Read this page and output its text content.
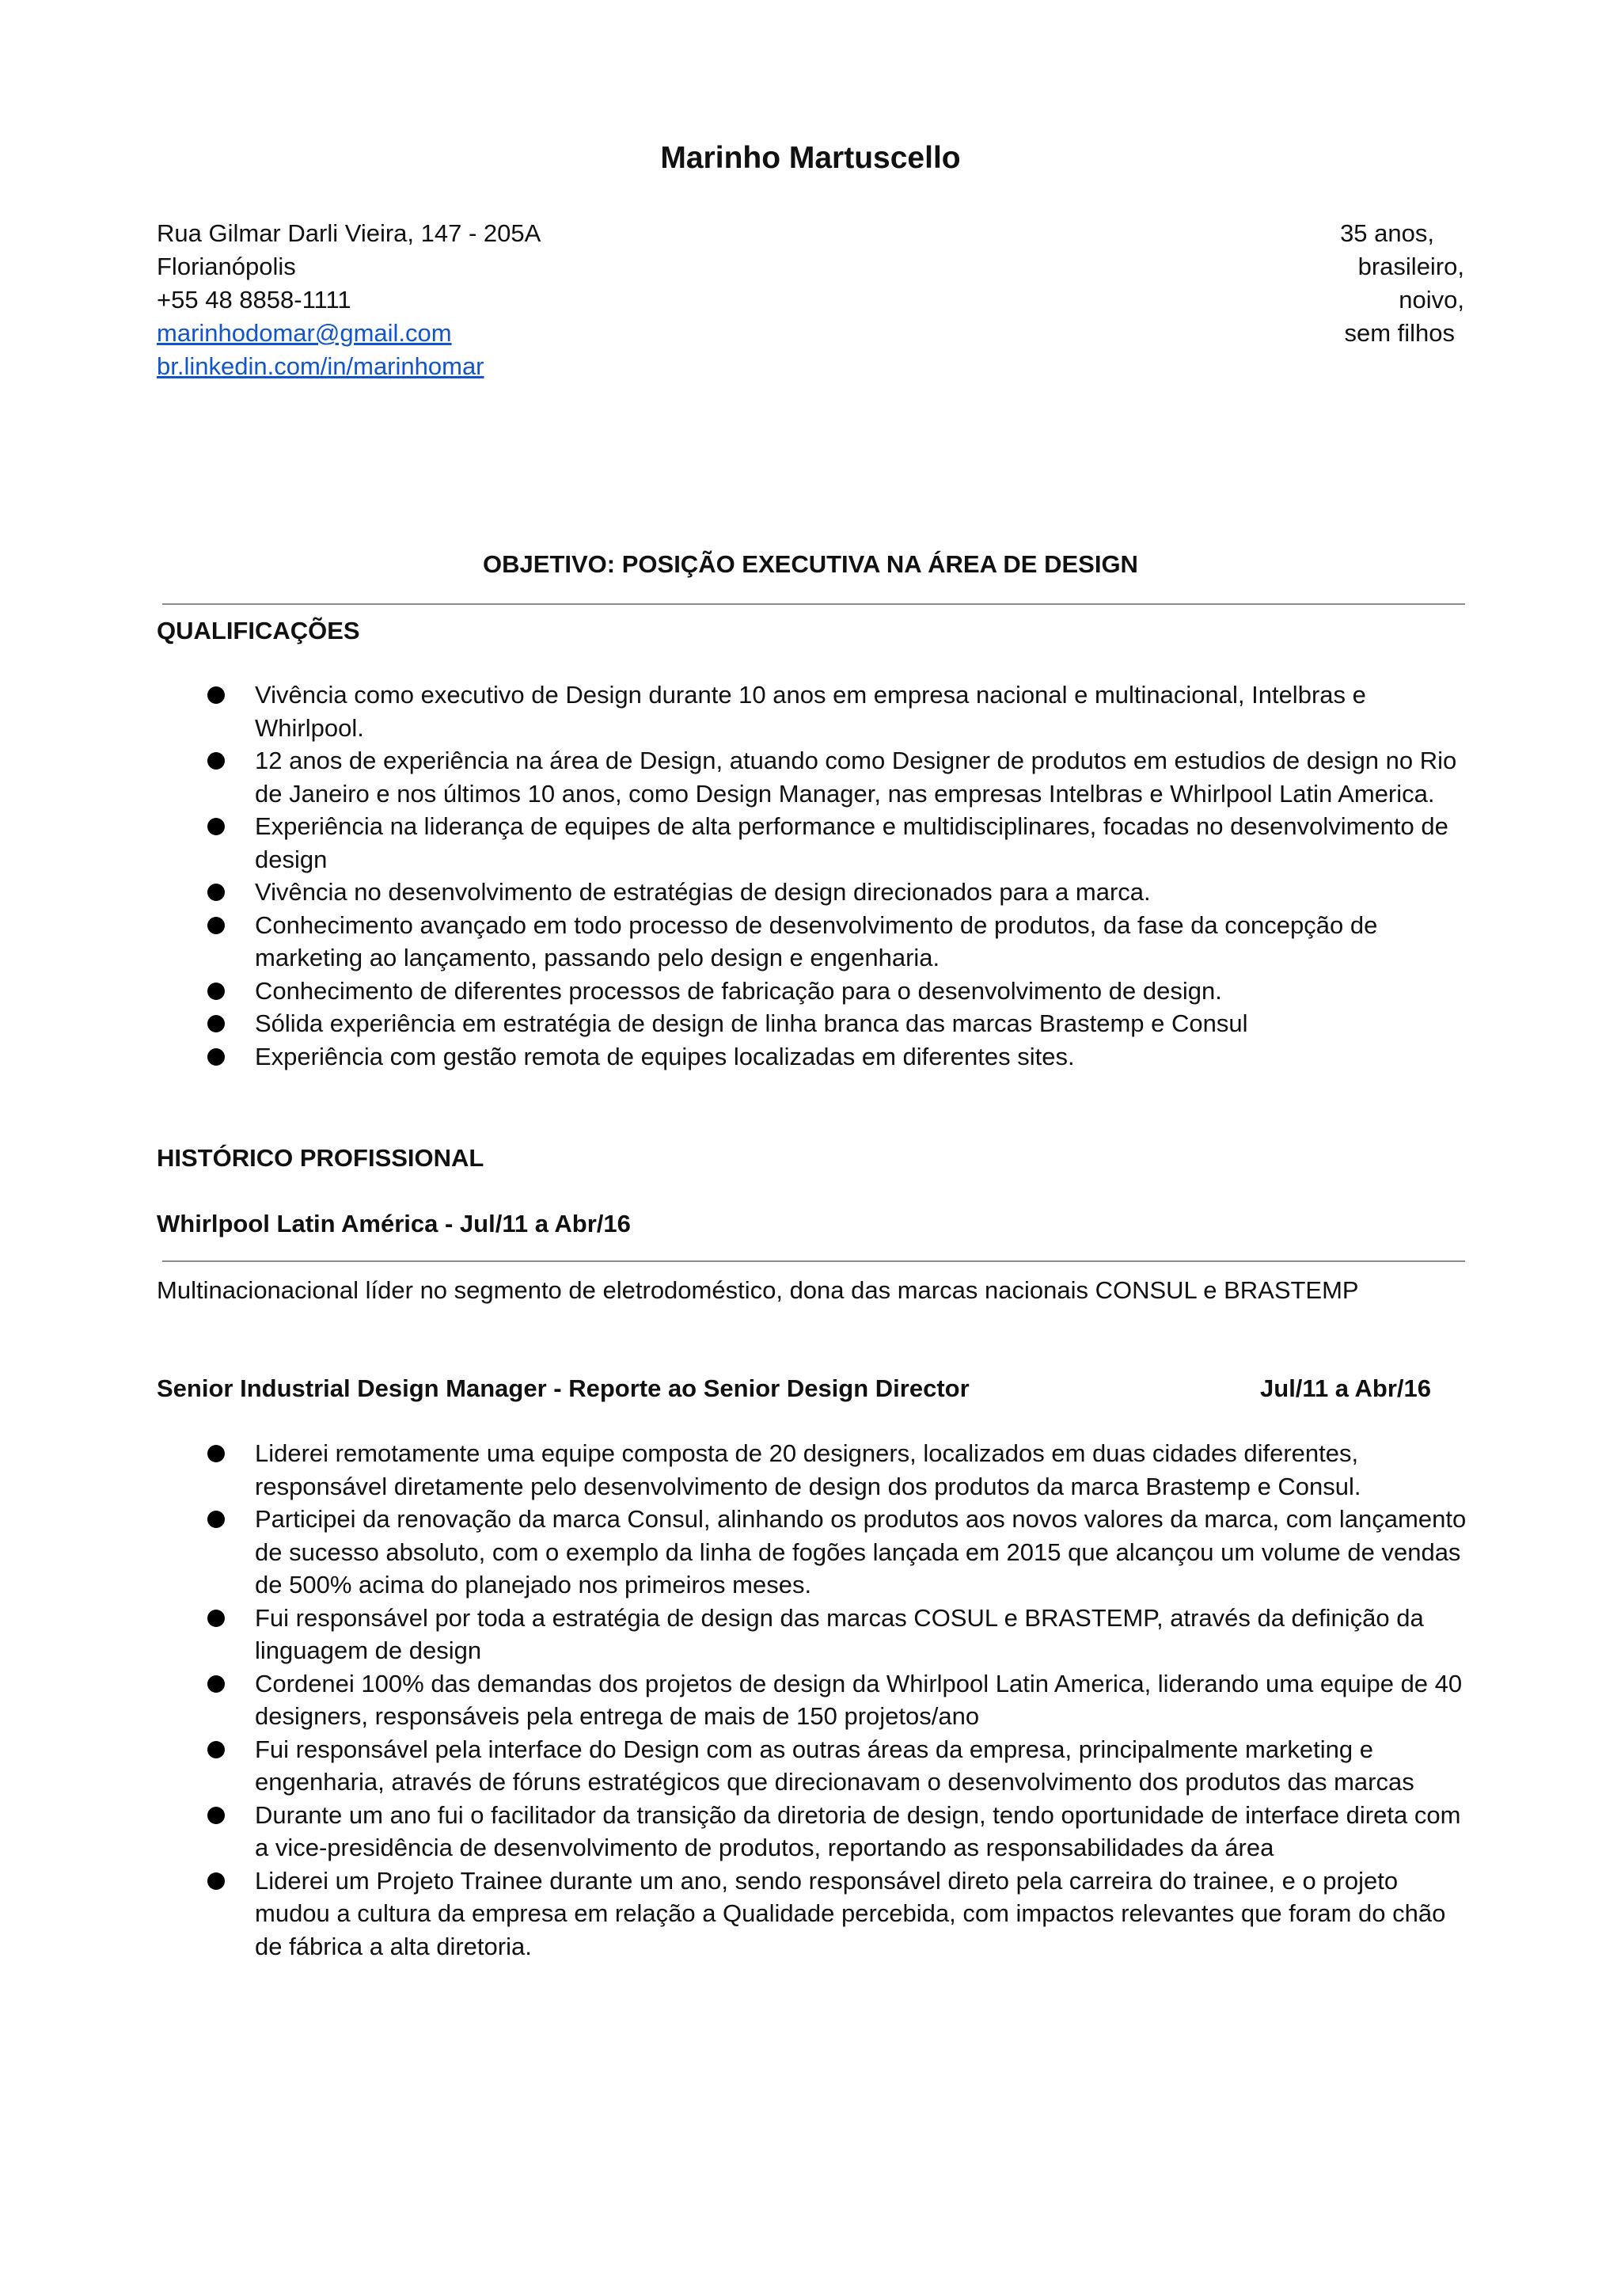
Marinho Martuscello
Rua Gilmar Darli Vieira, 147 - 205A
Florianópolis
+55 48 8858-1111
marinhodomar@gmail.com
br.linkedin.com/in/marinhomar
35 anos,
brasileiro,
noivo,
sem filhos
OBJETIVO: POSIÇÃO EXECUTIVA NA ÁREA DE DESIGN
QUALIFICAÇÕES
Vivência como executivo de Design durante 10 anos em empresa nacional e multinacional, Intelbras e Whirlpool.
12 anos de experiência na área de Design, atuando como Designer de produtos em estudios de design no Rio de Janeiro e nos últimos 10 anos, como Design Manager, nas empresas Intelbras e Whirlpool Latin America.
Experiência na liderança de equipes de alta performance e multidisciplinares, focadas no desenvolvimento de design
Vivência no desenvolvimento de estratégias de design direcionados para a marca.
Conhecimento avançado em todo processo de desenvolvimento de produtos, da fase da concepção de marketing ao lançamento, passando pelo design e engenharia.
Conhecimento de diferentes processos de fabricação para o desenvolvimento de design.
Sólida experiência em estratégia de design de linha branca das marcas Brastemp e Consul
Experiência com gestão remota de equipes localizadas em diferentes sites.
HISTÓRICO PROFISSIONAL
Whirlpool Latin América - Jul/11 a Abr/16
Multinacionacional líder no segmento de eletrodoméstico, dona das marcas nacionais CONSUL e BRASTEMP
Senior Industrial Design Manager - Reporte ao Senior Design Director	Jul/11 a Abr/16
Liderei remotamente uma equipe composta de 20 designers, localizados em duas cidades diferentes, responsável diretamente pelo desenvolvimento de design dos produtos da marca Brastemp e Consul.
Participei da renovação da marca Consul, alinhando os produtos aos novos valores da marca, com lançamento de sucesso absoluto, com o exemplo da linha de fogões lançada em 2015 que alcançou um volume de vendas de 500% acima do planejado nos primeiros meses.
Fui responsável por toda a estratégia de design das marcas COSUL e BRASTEMP, através da definição da linguagem de design
Cordenei 100% das demandas dos projetos de design da Whirlpool Latin America, liderando uma equipe de 40 designers, responsáveis pela entrega de mais de 150 projetos/ano
Fui responsável pela interface do Design com as outras áreas da empresa, principalmente marketing e engenharia, através de fóruns estratégicos que direcionavam o desenvolvimento dos produtos das marcas
Durante um ano fui o facilitador da transição da diretoria de design, tendo oportunidade de interface direta com a vice-presidência de desenvolvimento de produtos, reportando as responsabilidades da área
Liderei um Projeto Trainee durante um ano, sendo responsável direto pela carreira do trainee, e o projeto mudou a cultura da empresa em relação a Qualidade percebida, com impactos relevantes que foram do chão de fábrica a alta diretoria.
